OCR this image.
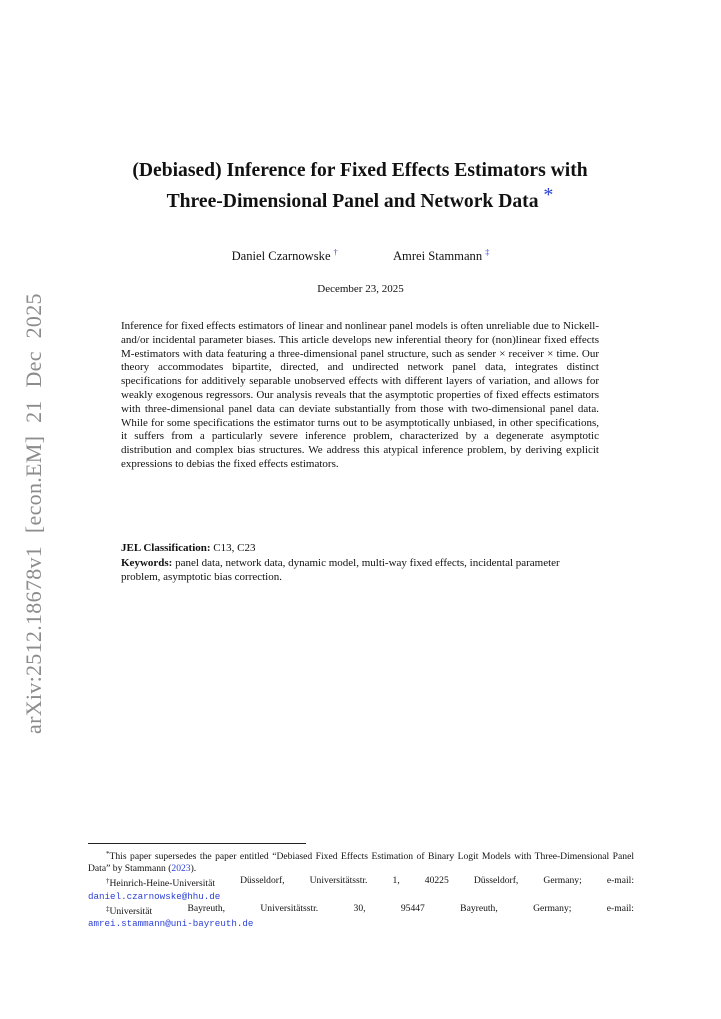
arXiv:2512.18678v1 [econ.EM] 21 Dec 2025
(Debiased) Inference for Fixed Effects Estimators with
Three-Dimensional Panel and Network Data *
Daniel Czarnowske †	Amrei Stammann ‡
December 23, 2025

Inference for fixed effects estimators of linear and nonlinear panel models is often unreliable due to Nickell- and/or incidental parameter biases. This article develops new inferential theory for (non)linear fixed effects M-estimators with data featuring a three-dimensional panel structure, such as sender × receiver × time. Our theory accommodates bipartite, directed, and undirected network panel data, integrates distinct specifications for additively separable unobserved effects with different layers of variation, and allows for weakly exogenous regressors. Our analysis reveals that the asymptotic properties of fixed effects estimators with three-dimensional panel data can deviate substantially from those with two-dimensional panel data. While for some specifications the estimator turns out to be asymptotically unbiased, in other specifications, it suffers from a particularly severe inference problem, characterized by a degenerate asymptotic distribution and complex bias structures. We address this atypical inference problem, by deriving explicit expressions to debias the fixed effects estimators.

JEL Classification: C13, C23

Keywords: panel data, network data, dynamic model, multi-way fixed effects, incidental parameter problem, asymptotic bias correction.

*This paper supersedes the paper entitled “Debiased Fixed Effects Estimation of Binary Logit Models with Three-Dimensional Panel Data” by Stammann (2023).

†Heinrich-Heine-Universität	Düsseldorf,	Universitätsstr.	1,	40225	Düsseldorf,	Germany;	e-mail:
daniel.czarnowske@hhu.de
‡Universität	Bayreuth,	Universitätsstr.	30,	95447	Bayreuth,	Germany;	e-mail:
amrei.stammann@uni-bayreuth.de
